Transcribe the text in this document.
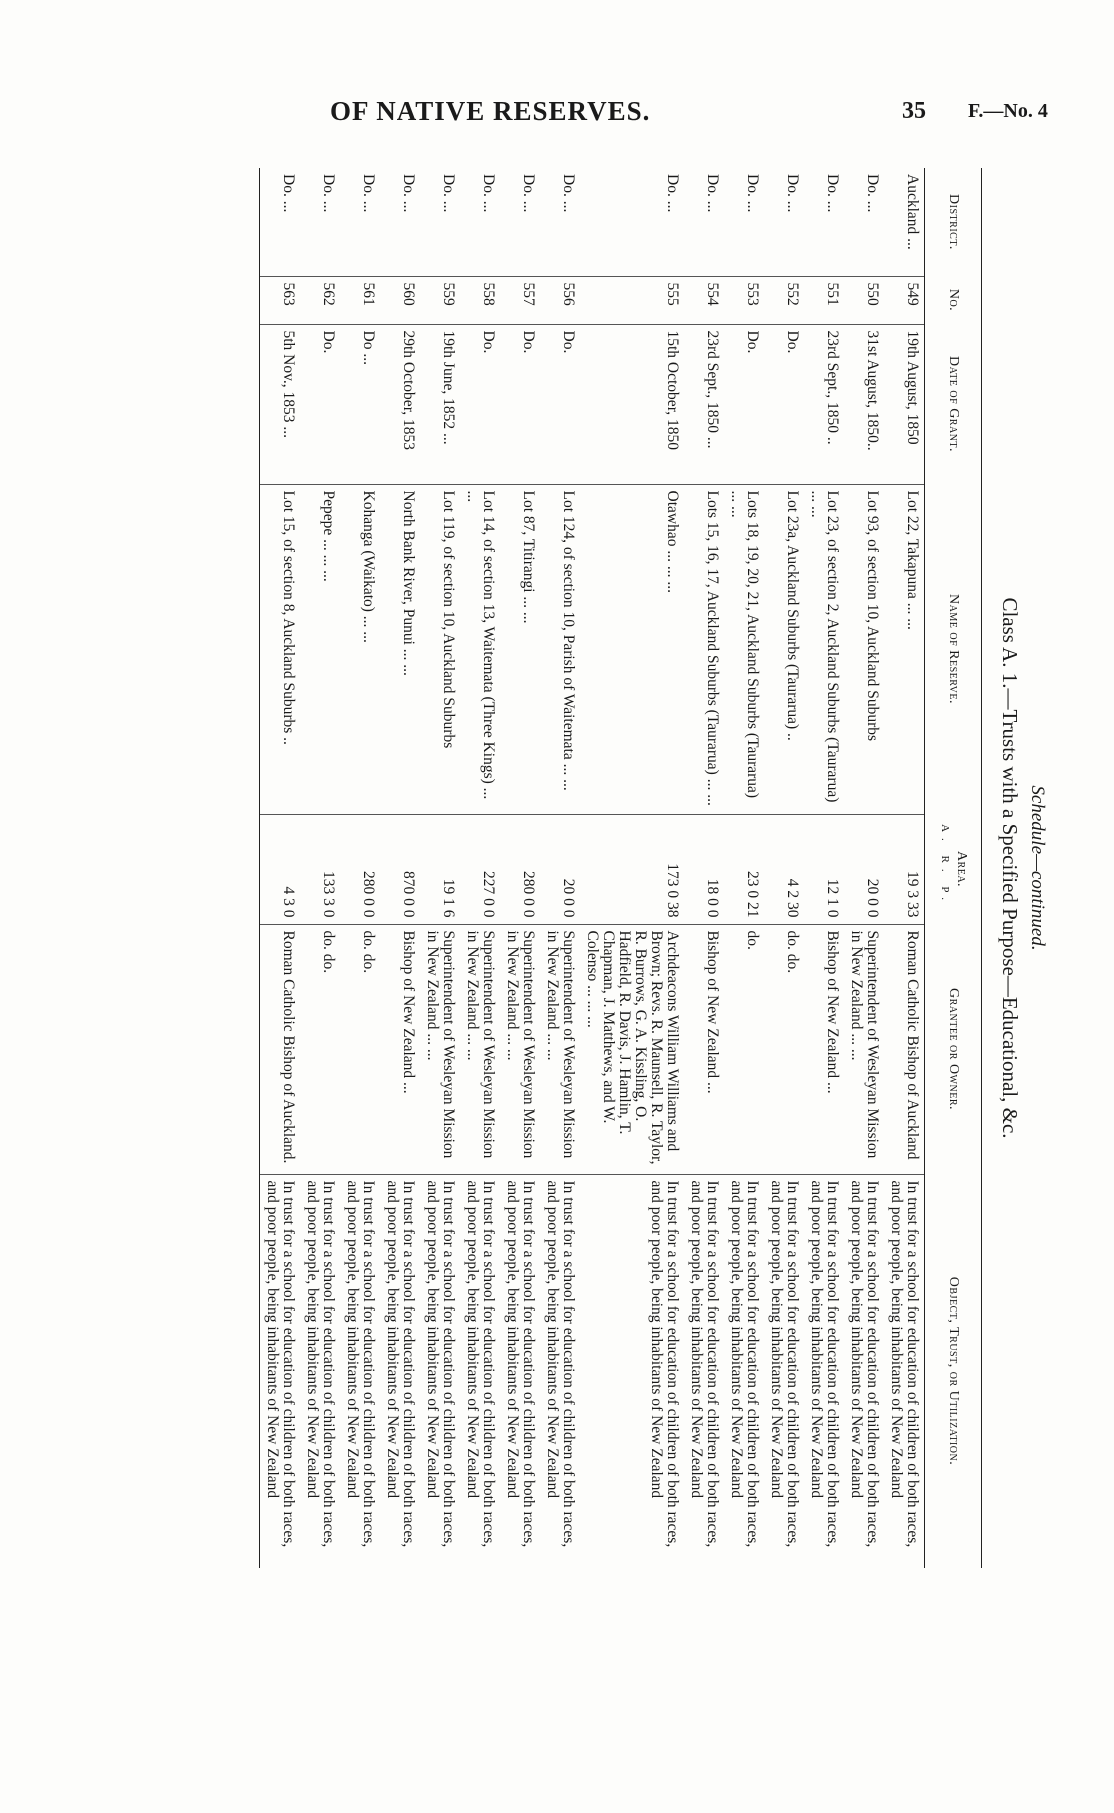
OF NATIVE RESERVES.	35 F.—No. 4
Schedule—continued.
Class A. 1.—Trusts with a Specified Purpose—Educational, &c.
District.	No.	Date of Grant.	Name of Reserve.	Area.
A. R. P.	Grantee or Owner.	Object, Trust, or Utilization.
Auckland ...	549	19th August, 1850	Lot 22, Takapuna ... ...	19 3 33	Roman Catholic Bishop of Auckland	In trust for a school for education of children of both races, and poor people, being inhabitants of New Zealand
Do. ...	550	31st August, 1850..	Lot 93, of section 10, Auckland Suburbs	20 0 0	Superintendent of Wesleyan Mission in New Zealand ... ...	In trust for a school for education of children of both races, and poor people, being inhabitants of New Zealand
Do. ...	551	23rd Sept., 1850 ..	Lot 23, of section 2, Auckland Suburbs (Taurarua) ... ...	12 1 0	Bishop of New Zealand ...	In trust for a school for education of children of both races, and poor people, being inhabitants of New Zealand
Do. ...	552	Do.	Lot 23a, Auckland Suburbs (Taurarua) ..	4 2 30	do. do.	In trust for a school for education of children of both races, and poor people, being inhabitants of New Zealand
Do. ...	553	Do.	Lots 18, 19, 20, 21, Auckland Suburbs (Taurarua) ... ...	23 0 21	do.	In trust for a school for education of children of both races, and poor people, being inhabitants of New Zealand
Do. ...	554	23rd Sept., 1850 ...	Lots 15, 16, 17, Auckland Suburbs (Taurarua) ... ...	18 0 0	Bishop of New Zealand ...	In trust for a school for education of children of both races, and poor people, being inhabitants of New Zealand
Do. ...	555	15th October, 1850	Otawhao ... ... ...	173 0 38	Archdeacons William Williams and Brown; Revs. R. Maunsell, R. Taylor, R. Burrows, G. A. Kissling, O. Hadfield, R. Davis, J. Hamlin, T. Chapman, J. Matthews, and W. Colenso ... ... ...	In trust for a school for education of children of both races, and poor people, being inhabitants of New Zealand
Do. ...	556	Do.	Lot 124, of section 10, Parish of Waitemata ... ...	20 0 0	Superintendent of Wesleyan Mission in New Zealand ... ...	In trust for a school for education of children of both races, and poor people, being inhabitants of New Zealand
Do. ...	557	Do.	Lot 87, Titirangi ... ...	280 0 0	Superintendent of Wesleyan Mission in New Zealand ... ...	In trust for a school for education of children of both races, and poor people, being inhabitants of New Zealand
Do. ...	558	Do.	Lot 14, of section 13, Waitemata (Three Kings) ... ...	227 0 0	Superintendent of Wesleyan Mission in New Zealand ... ...	In trust for a school for education of children of both races, and poor people, being inhabitants of New Zealand
Do. ...	559	19th June, 1852 ...	Lot 119, of section 10, Auckland Suburbs	19 1 6	Superintendent of Wesleyan Mission in New Zealand ... ...	In trust for a school for education of children of both races, and poor people, being inhabitants of New Zealand
Do. ...	560	29th October, 1853	North Bank River, Punui ... ...	870 0 0	Bishop of New Zealand ...	In trust for a school for education of children of both races, and poor people, being inhabitants of New Zealand
Do. ...	561	Do ...	Kohanga (Waikato) ... ...	280 0 0	do. do.	In trust for a school for education of children of both races, and poor people, being inhabitants of New Zealand
Do. ...	562	Do.	Pepepe ... ... ...	133 3 0	do. do.	In trust for a school for education of children of both races, and poor people, being inhabitants of New Zealand
Do. ...	563	5th Nov., 1853 ...	Lot 15, of section 8, Auckland Suburbs ..	4 3 0	Roman Catholic Bishop of Auckland.	In trust for a school for education of children of both races, and poor people, being inhabitants of New Zealand
